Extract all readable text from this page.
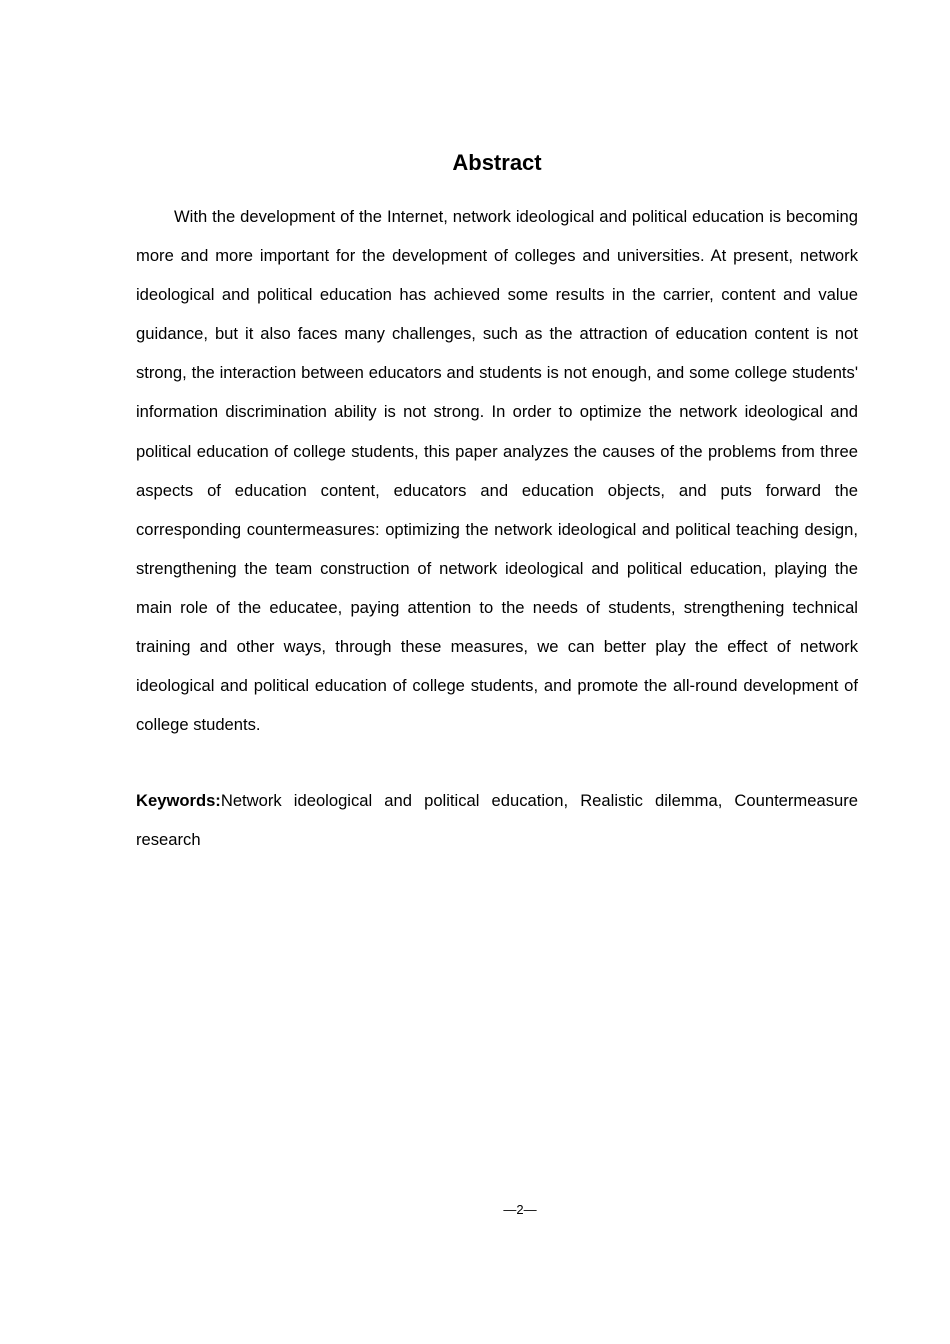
Abstract

With the development of the Internet, network ideological and political education is becoming more and more important for the development of colleges and universities. At present, network ideological and political education has achieved some results in the carrier, content and value guidance, but it also faces many challenges, such as the attraction of education content is not strong, the interaction between educators and students is not enough, and some college students' information discrimination ability is not strong. In order to optimize the network ideological and political education of college students, this paper analyzes the causes of the problems from three aspects of education content, educators and education objects, and puts forward the corresponding countermeasures: optimizing the network ideological and political teaching design, strengthening the team construction of network ideological and political education, playing the main role of the educatee, paying attention to the needs of students, strengthening technical training and other ways, through these measures, we can better play the effect of network ideological and political education of college students, and promote the all-round development of college students.

Keywords:Network ideological and political education, Realistic dilemma, Countermeasure research

—2—
